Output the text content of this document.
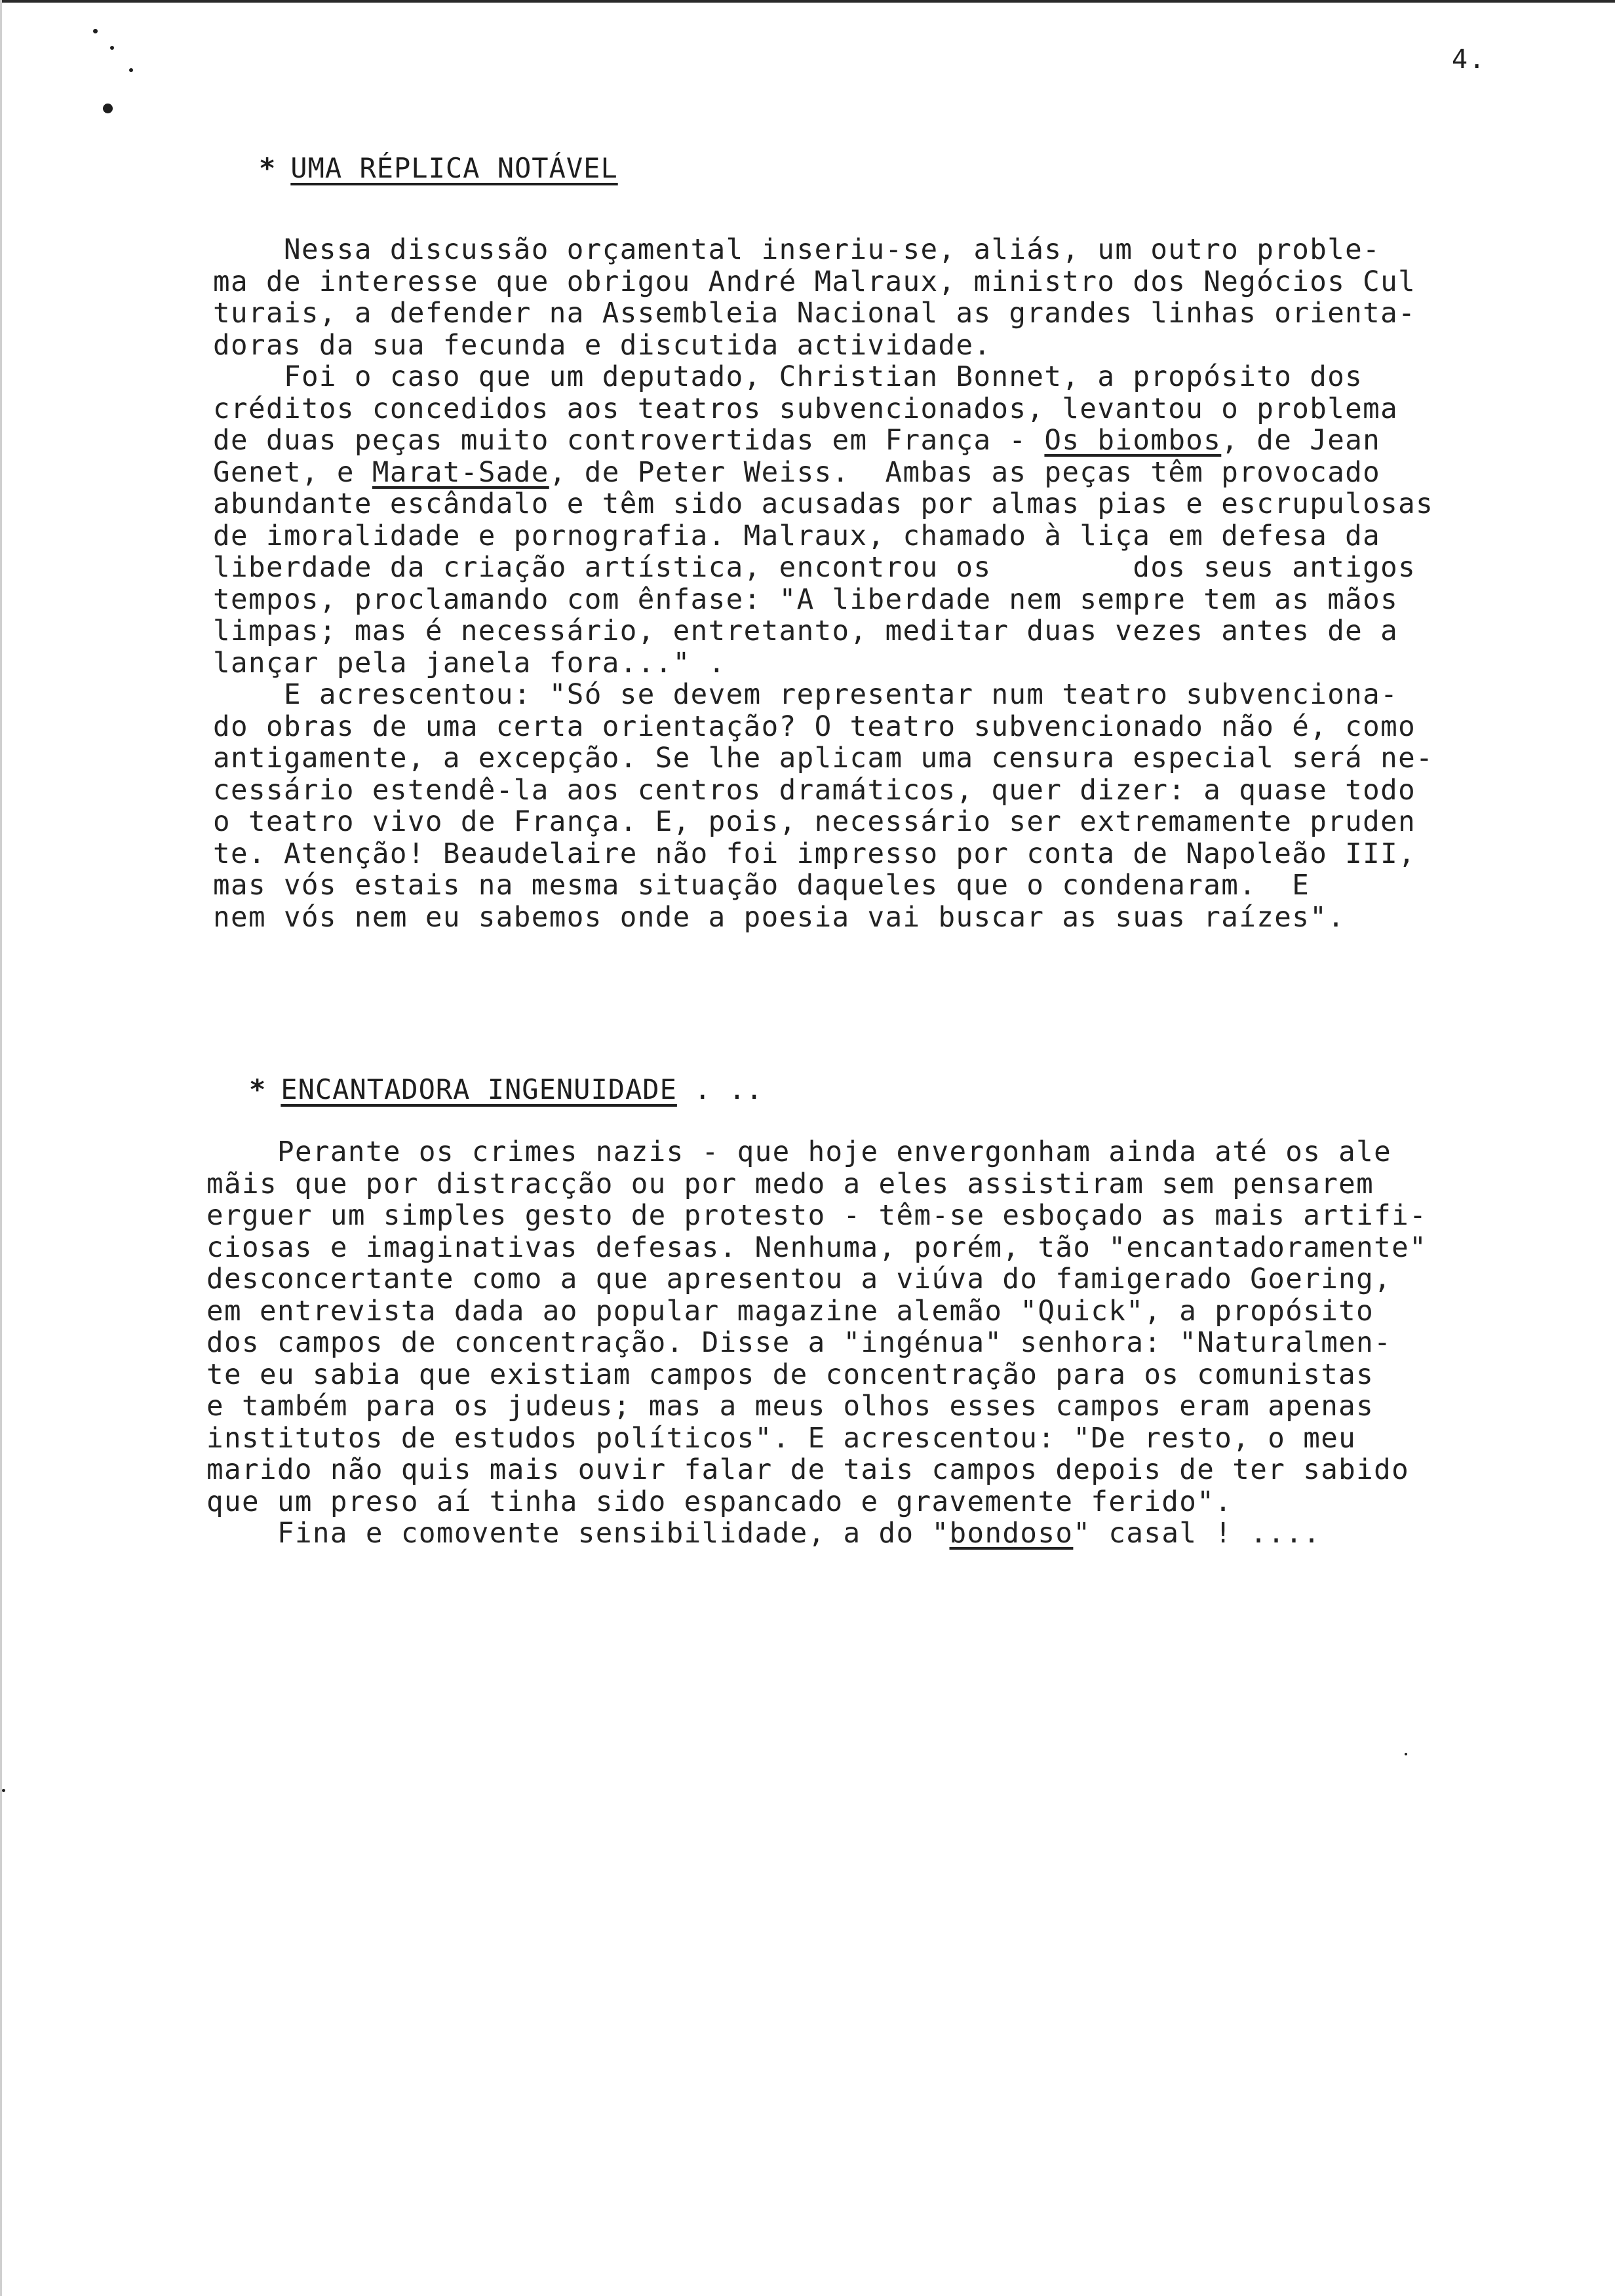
4.
* UMA RÉPLICA NOTÁVEL
Nessa discussão orçamental inseriu-se, aliás, um outro proble-
ma de interesse que obrigou André Malraux, ministro dos Negócios Cul
turais, a defender na Assembleia Nacional as grandes linhas orienta-
doras da sua fecunda e discutida actividade.
Foi o caso que um deputado, Christian Bonnet, a propósito dos
créditos concedidos aos teatros subvencionados, levantou o problema
de duas peças muito controvertidas em França - Os biombos, de Jean
Genet, e Marat-Sade, de Peter Weiss.  Ambas as peças têm provocado
abundante escândalo e têm sido acusadas por almas pias e escrupulosas
de imoralidade e pornografia. Malraux, chamado à liça em defesa da
liberdade da criação artística, encontrou os        dos seus antigos
tempos, proclamando com ênfase: "A liberdade nem sempre tem as mãos
limpas; mas é necessário, entretanto, meditar duas vezes antes de a
lançar pela janela fora..." .
E acrescentou: "Só se devem representar num teatro subvenciona-
do obras de uma certa orientação? O teatro subvencionado não é, como
antigamente, a excepção. Se lhe aplicam uma censura especial será ne-
cessário estendê-la aos centros dramáticos, quer dizer: a quase todo
o teatro vivo de França. E, pois, necessário ser extremamente pruden
te. Atenção! Beaudelaire não foi impresso por conta de Napoleão III,
mas vós estais na mesma situação daqueles que o condenaram.  E
nem vós nem eu sabemos onde a poesia vai buscar as suas raízes".
* ENCANTADORA INGENUIDADE . ..
Perante os crimes nazis - que hoje envergonham ainda até os ale
mãis que por distracção ou por medo a eles assistiram sem pensarem
erguer um simples gesto de protesto - têm-se esboçado as mais artifi-
ciosas e imaginativas defesas. Nenhuma, porém, tão "encantadoramente"
desconcertante como a que apresentou a viúva do famigerado Goering,
em entrevista dada ao popular magazine alemão "Quick", a propósito
dos campos de concentração. Disse a "ingénua" senhora: "Naturalmen-
te eu sabia que existiam campos de concentração para os comunistas
e também para os judeus; mas a meus olhos esses campos eram apenas
institutos de estudos políticos". E acrescentou: "De resto, o meu
marido não quis mais ouvir falar de tais campos depois de ter sabido
que um preso aí tinha sido espancado e gravemente ferido".
Fina e comovente sensibilidade, a do "bondoso" casal ! ....
